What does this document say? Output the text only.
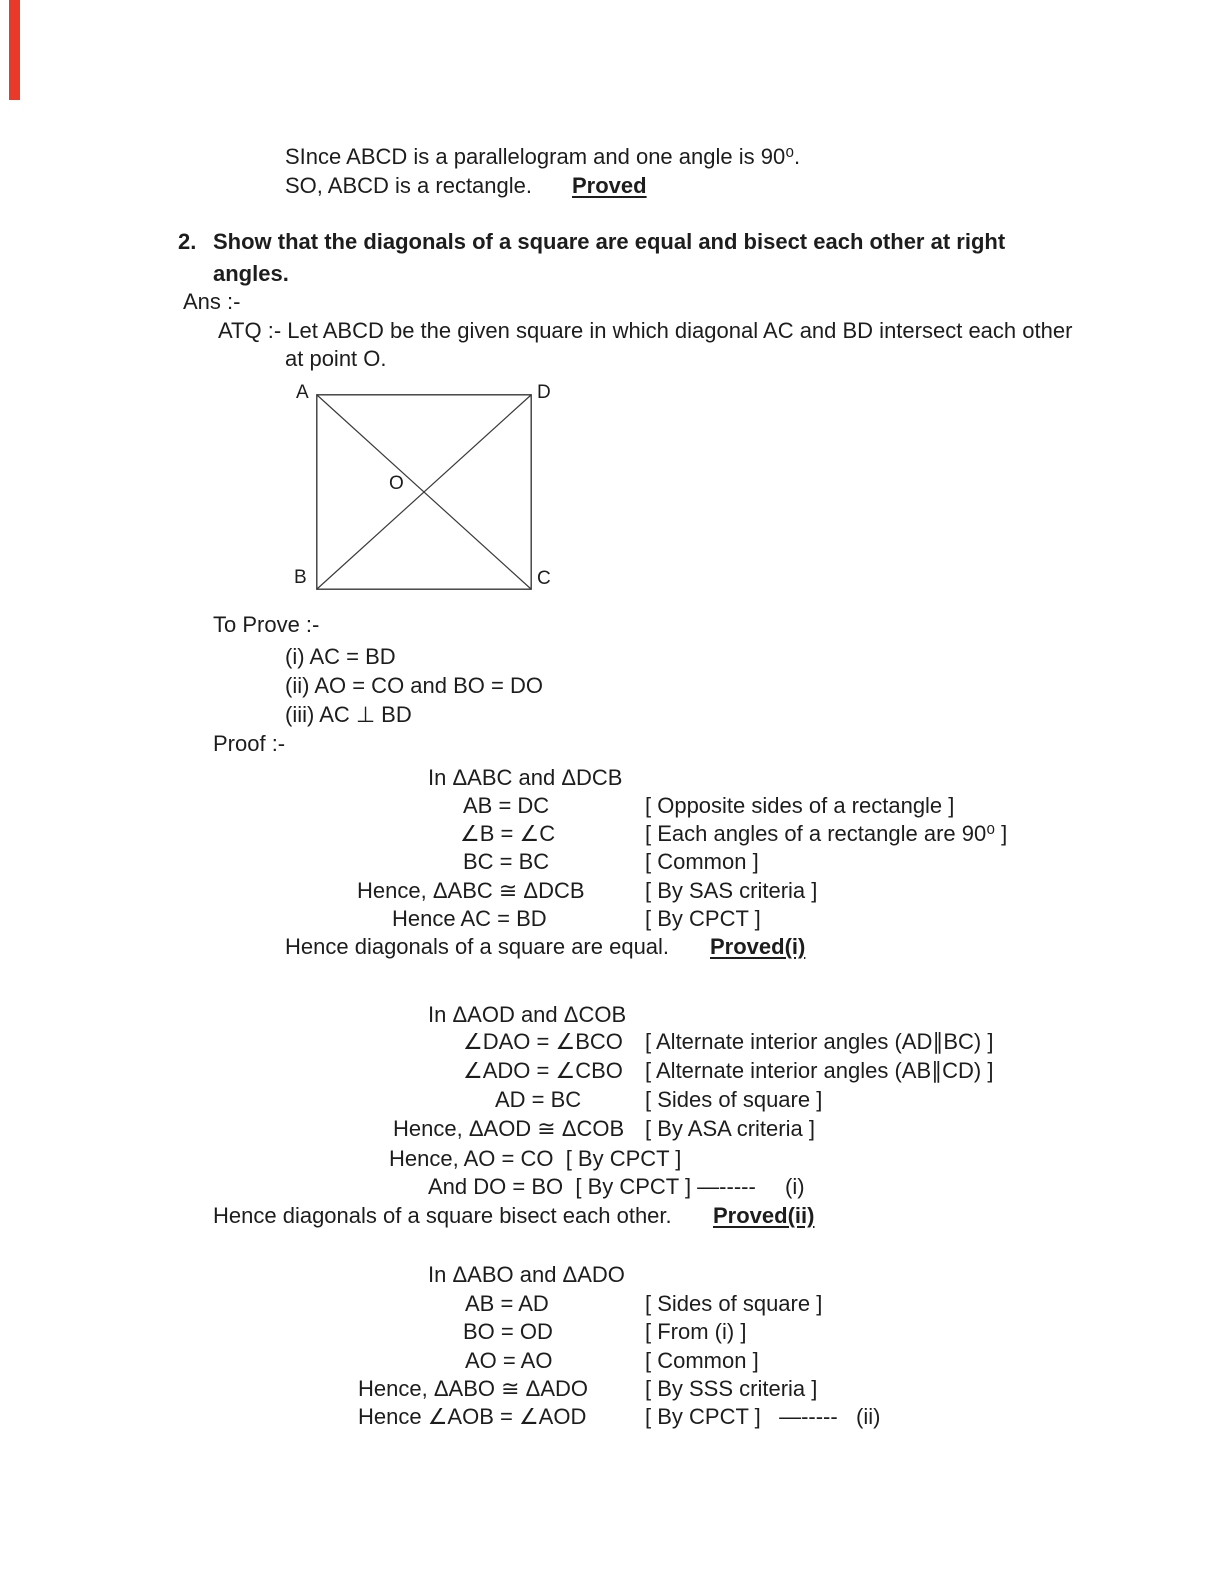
SInce ABCD is a parallelogram and one angle is 90⁰.
SO, ABCD is a rectangle. Proved
2. Show that the diagonals of a square are equal and bisect each other at right
angles.
Ans :-
ATQ :- Let ABCD be the given square in which diagonal AC and BD intersect each other
at point O.
A	D
B	C
O
To Prove :-
(i) AC = BD
(ii) AO = CO and BO = DO
(iii) AC ⊥ BD
Proof :-
In ΔABC and ΔDCB
AB = DC	[ Opposite sides of a rectangle ]
∠B = ∠C	[ Each angles of a rectangle are 90⁰ ]
BC = BC	[ Common ]
Hence, ΔABC ≅ ΔDCB	[ By SAS criteria ]
Hence AC = BD	[ By CPCT ]
Hence diagonals of a square are equal. Proved(i)
In ΔAOD and ΔCOB
∠DAO = ∠BCO [ Alternate interior angles (AD∥BC) ]
∠ADO = ∠CBO [ Alternate interior angles (AB∥CD) ]
AD = BC	[ Sides of square ]
Hence, ΔAOD ≅ ΔCOB [ By ASA criteria ]
Hence, AO = CO  [ By CPCT ]
And DO = BO  [ By CPCT ] —----- (i)
Hence diagonals of a square bisect each other. Proved(ii)
In ΔABO and ΔADO
AB = AD	[ Sides of square ]
BO = OD	[ From (i) ]
AO = AO	[ Common ]
Hence, ΔABO ≅ ΔADO	[ By SSS criteria ]
Hence ∠AOB = ∠AOD	[ By CPCT ]   —-----   (ii)
